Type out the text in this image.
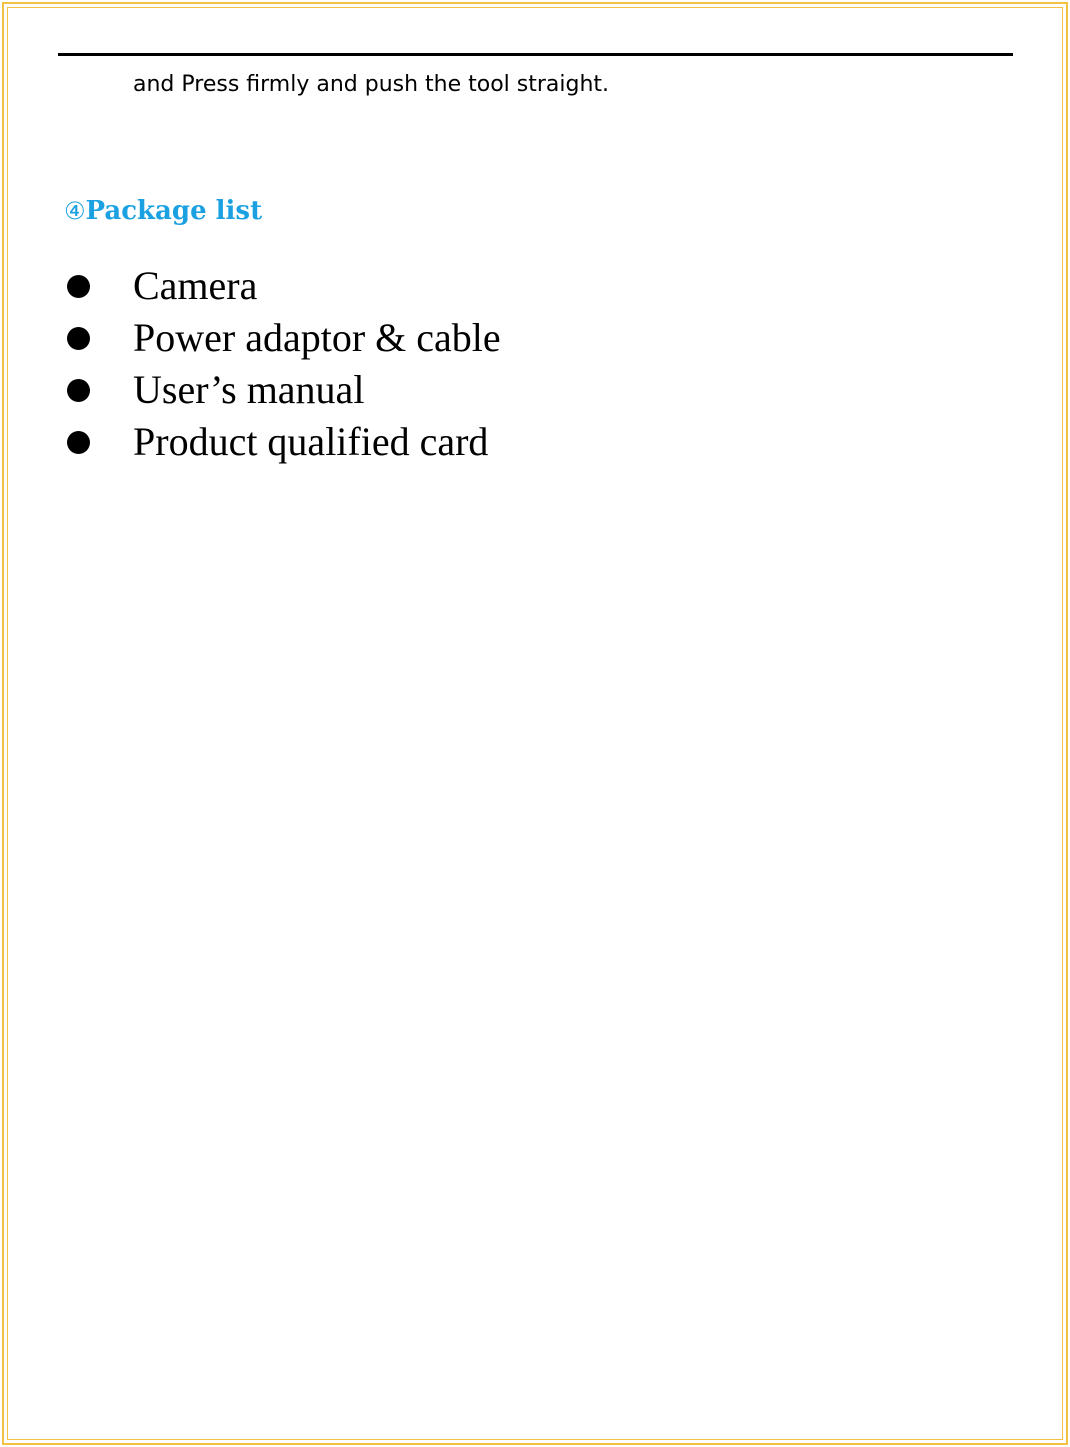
and Press firmly and push the tool straight.
④Package list
Camera
Power adaptor & cable
User’s manual
Product qualified card
